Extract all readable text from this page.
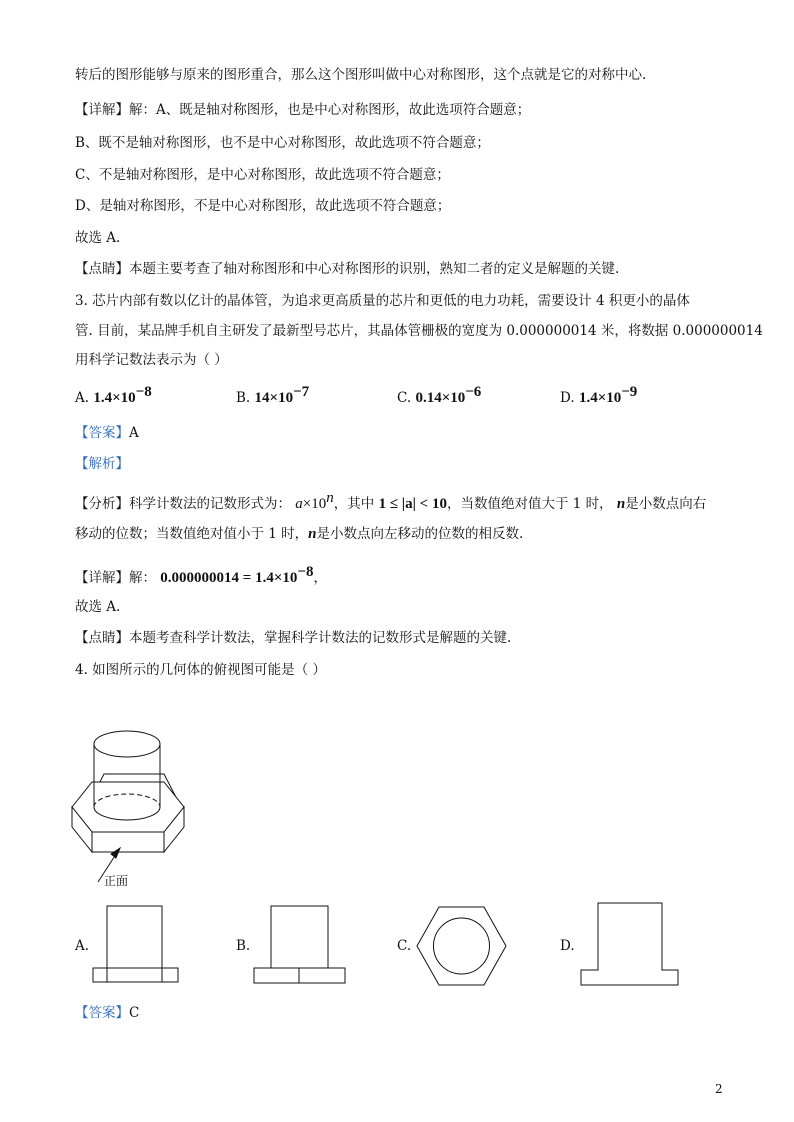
转后的图形能够与原来的图形重合，那么这个图形叫做中心对称图形，这个点就是它的对称中心.
【详解】解：A、既是轴对称图形，也是中心对称图形，故此选项符合题意；
B、既不是轴对称图形，也不是中心对称图形，故此选项不符合题意；
C、不是轴对称图形，是中心对称图形，故此选项不符合题意；
D、是轴对称图形，不是中心对称图形，故此选项不符合题意；
故选 A.
【点睛】本题主要考查了轴对称图形和中心对称图形的识别，熟知二者的定义是解题的关键.
3. 芯片内部有数以亿计的晶体管，为追求更高质量的芯片和更低的电力功耗，需要设计 4 积更小的晶体
管. 目前，某品牌手机自主研发了最新型号芯片，其晶体管栅极的宽度为 0.000000014 米，将数据 0.000000014
用科学记数法表示为（ ）
A. $1.4\times 10^{-8}$	B. $14\times 10^{-7}$	C. $0.14\times 10^{-6}$	D. $1.4\times 10^{-9}$
【答案】A
【解析】
【分析】科学计数法的记数形式为： $a\times 10^n$，其中 1 ≤ |a| < 10，当数值绝对值大于 1 时， n是小数点向右
移动的位数；当数值绝对值小于 1 时，n是小数点向左移动的位数的相反数.
【详解】解： $0.000000014 = 1.4\times 10^{-8}$，
故选 A.
【点睛】本题考查科学计数法，掌握科学计数法的记数形式是解题的关键.
4. 如图所示的几何体的俯视图可能是（ ）
正面
A.	B.	C.	D.
【答案】C
2
